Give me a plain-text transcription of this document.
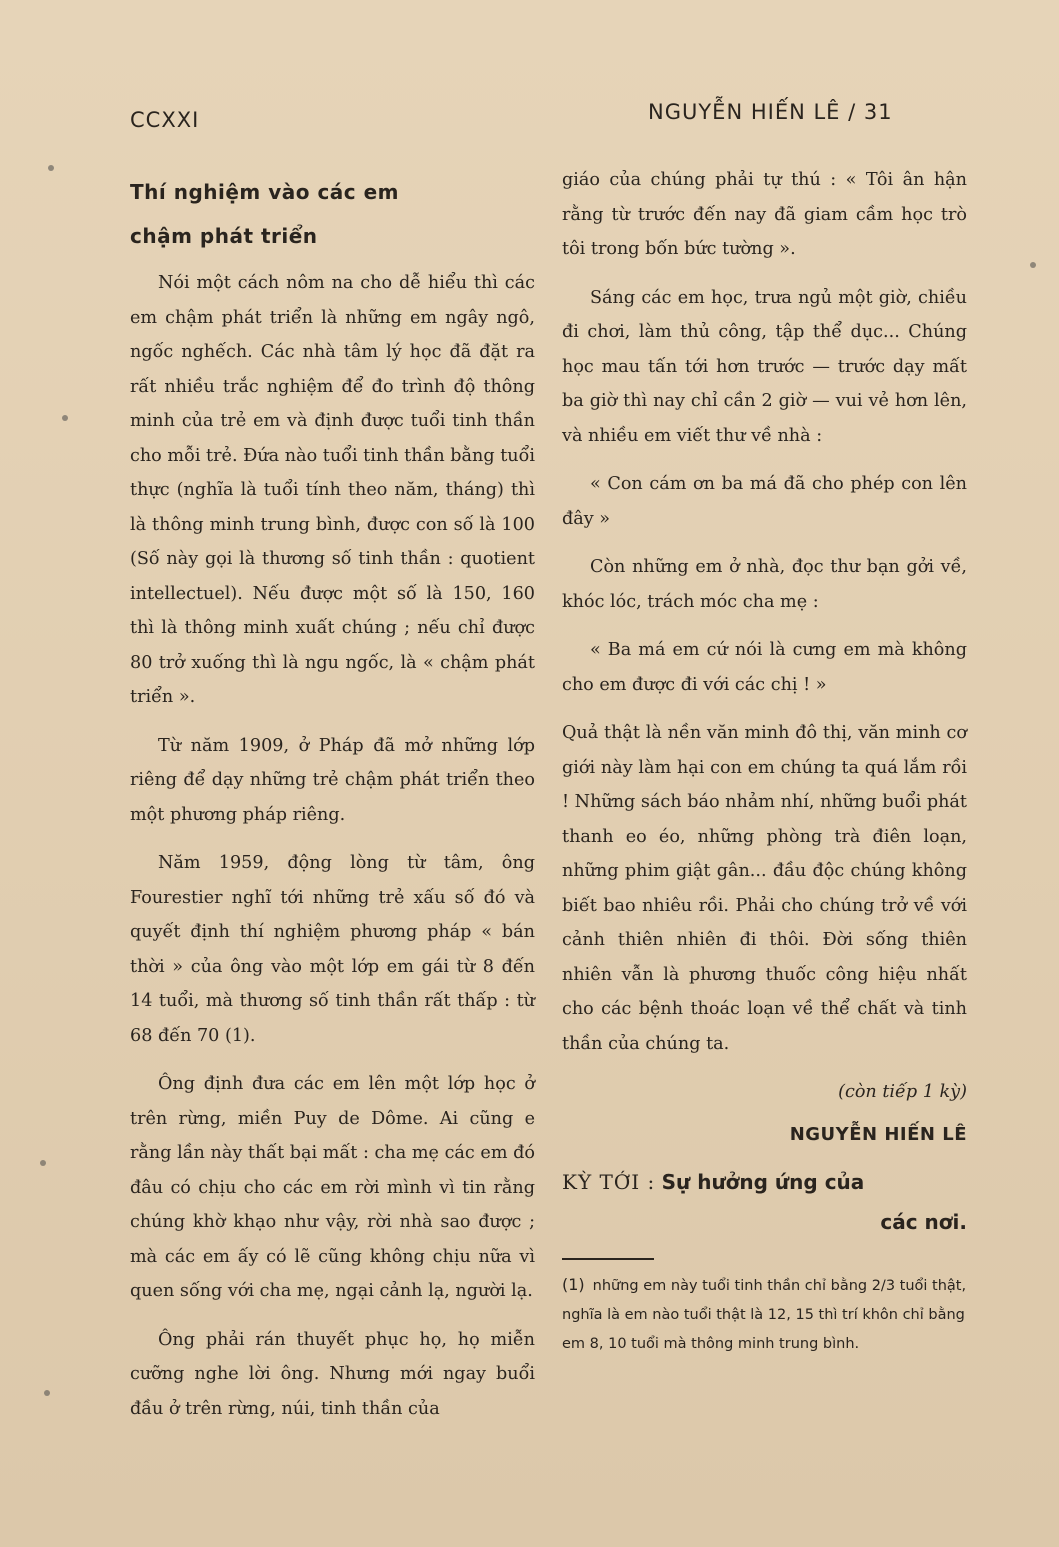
CCXXI	NGUYỄN HIẾN LÊ / 31
Thí nghiệm vào các em
chậm phát triển

Nói một cách nôm na cho dễ hiểu thì các em chậm phát triển là những em ngây ngô, ngốc nghếch. Các nhà tâm lý học đã đặt ra rất nhiều trắc nghiệm để đo trình độ thông minh của trẻ em và định được tuổi tinh thần cho mỗi trẻ. Đứa nào tuổi tinh thần bằng tuổi thực (nghĩa là tuổi tính theo năm, tháng) thì là thông minh trung bình, được con số là 100 (Số này gọi là thương số tinh thần : quotient intellectuel). Nếu được một số là 150, 160 thì là thông minh xuất chúng ; nếu chỉ được 80 trở xuống thì là ngu ngốc, là « chậm phát triển ».

Từ năm 1909, ở Pháp đã mở những lớp riêng để dạy những trẻ chậm phát triển theo một phương pháp riêng.

Năm 1959, động lòng từ tâm, ông Fourestier nghĩ tới những trẻ xấu số đó và quyết định thí nghiệm phương pháp « bán thời » của ông vào một lớp em gái từ 8 đến 14 tuổi, mà thương số tinh thần rất thấp : từ 68 đến 70 (1).

Ông định đưa các em lên một lớp học ở trên rừng, miền Puy de Dôme. Ai cũng e rằng lần này thất bại mất : cha mẹ các em đó đâu có chịu cho các em rời mình vì tin rằng chúng khờ khạo như vậy, rời nhà sao được ; mà các em ấy có lẽ cũng không chịu nữa vì quen sống với cha mẹ, ngại cảnh lạ, người lạ.

Ông phải rán thuyết phục họ, họ miễn cưỡng nghe lời ông. Nhưng mới ngay buổi đầu ở trên rừng, núi, tinh thần của

giáo của chúng phải tự thú : « Tôi ân hận rằng từ trước đến nay đã giam cầm học trò tôi trong bốn bức tường ».

Sáng các em học, trưa ngủ một giờ, chiều đi chơi, làm thủ công, tập thể dục... Chúng học mau tấn tới hơn trước — trước dạy mất ba giờ thì nay chỉ cần 2 giờ — vui vẻ hơn lên, và nhiều em viết thư về nhà :

« Con cám ơn ba má đã cho phép con lên đây »

Còn những em ở nhà, đọc thư bạn gởi về, khóc lóc, trách móc cha mẹ :

« Ba má em cứ nói là cưng em mà không cho em được đi với các chị ! »

Quả thật là nền văn minh đô thị, văn minh cơ giới này làm hại con em chúng ta quá lắm rồi ! Những sách báo nhảm nhí, những buổi phát thanh eo éo, những phòng trà điên loạn, những phim giật gân... đầu độc chúng không biết bao nhiêu rồi. Phải cho chúng trở về với cảnh thiên nhiên đi thôi. Đời sống thiên nhiên vẫn là phương thuốc công hiệu nhất cho các bệnh thoác loạn về thể chất và tinh thần của chúng ta.

(còn tiếp 1 kỳ)
NGUYỄN HIẾN LÊ
KỲ TỚI : Sự hưởng ứng của
các nơi.

(1) những em này tuổi tinh thần chỉ bằng 2/3 tuổi thật, nghĩa là em nào tuổi thật là 12, 15 thì trí khôn chỉ bằng em 8, 10 tuổi mà thông minh trung bình.
